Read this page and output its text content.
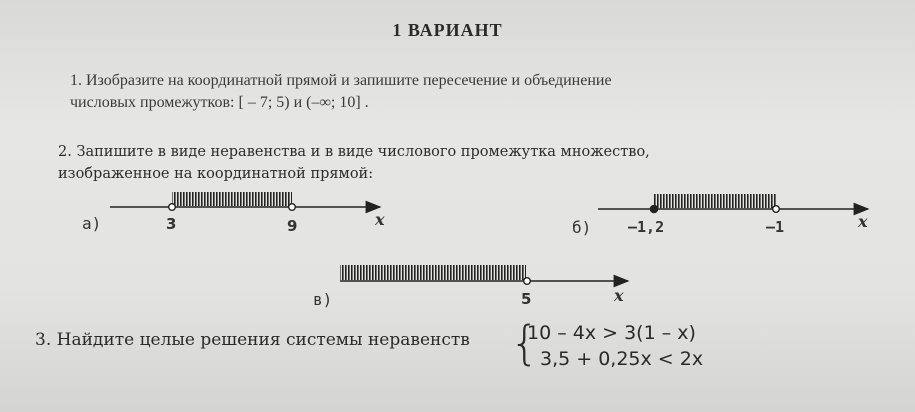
1 ВАРИАНТ
1. Изобразите на координатной прямой и запишите пересечение и объединение
числовых промежутков: [ – 7; 5) и (–∞; 10] .
2. Запишите в виде неравенства и в виде числового промежутка множество,
изображенное на координатной прямой:
а)	3	9	x	б) –1,2	–1	x
в)	5	x
3. Найдите целые решения системы неравенств {
10 – 4x > 3(1 – x)
3,5 + 0,25x < 2x
